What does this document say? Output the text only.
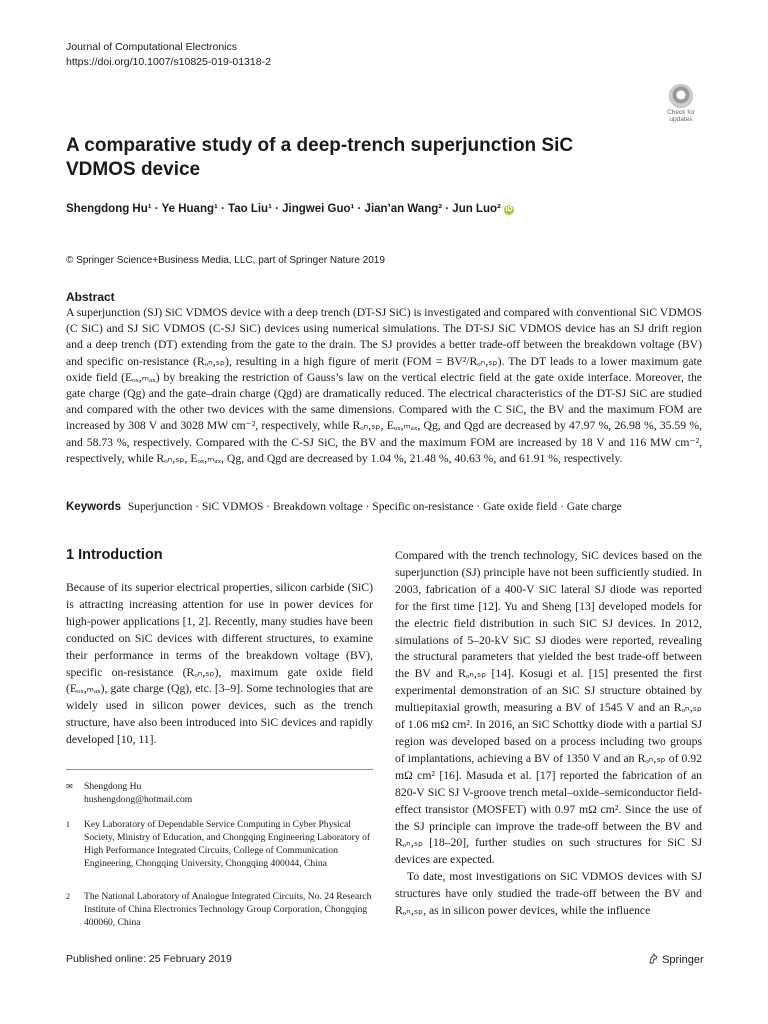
Journal of Computational Electronics
https://doi.org/10.1007/s10825-019-01318-2
Check for
updates
A comparative study of a deep-trench superjunction SiC VDMOS device
Shengdong Hu¹ · Ye Huang¹ · Tao Liu¹ · Jingwei Guo¹ · Jian’an Wang² · Jun Luo² iD
© Springer Science+Business Media, LLC, part of Springer Nature 2019
Abstract
A superjunction (SJ) SiC VDMOS device with a deep trench (DT-SJ SiC) is investigated and compared with conventional SiC VDMOS (C SiC) and SJ SiC VDMOS (C-SJ SiC) devices using numerical simulations. The DT-SJ SiC VDMOS device has an SJ drift region and a deep trench (DT) extending from the gate to the drain. The SJ provides a better trade-off between the breakdown voltage (BV) and specific on-resistance (Rₒₙ,ₛₚ), resulting in a high figure of merit (FOM = BV²/Rₒₙ,ₛₚ). The DT leads to a lower maximum gate oxide field (Eₒₓ,ₘₐₓ) by breaking the restriction of Gauss’s law on the vertical electric field at the gate oxide interface. Moreover, the gate charge (Qg) and the gate–drain charge (Qgd) are dramatically reduced. The electrical characteristics of the DT-SJ SiC are studied and compared with the other two devices with the same dimensions. Compared with the C SiC, the BV and the maximum FOM are increased by 308 V and 3028 MW cm⁻², respectively, while Rₒₙ,ₛₚ, Eₒₓ,ₘₐₓ, Qg, and Qgd are decreased by 47.97 %, 26.98 %, 35.59 %, and 58.73 %, respectively. Compared with the C-SJ SiC, the BV and the maximum FOM are increased by 18 V and 116 MW cm⁻², respectively, while Rₒₙ,ₛₚ, Eₒₓ,ₘₐₓ, Qg, and Qgd are decreased by 1.04 %, 21.48 %, 40.63 %, and 61.91 %, respectively.
Keywords Superjunction · SiC VDMOS · Breakdown voltage · Specific on-resistance · Gate oxide field · Gate charge
1 Introduction

Because of its superior electrical properties, silicon carbide (SiC) is attracting increasing attention for use in power devices for high-power applications [1, 2]. Recently, many studies have been conducted on SiC devices with different structures, to examine their performance in terms of the breakdown voltage (BV), specific on-resistance (Rₒₙ,ₛₚ), maximum gate oxide field (Eₒₓ,ₘₐₓ), gate charge (Qg), etc. [3–9]. Some technologies that are widely used in silicon power devices, such as the trench structure, have also been introduced into SiC devices and rapidly developed [10, 11].

Compared with the trench technology, SiC devices based on the superjunction (SJ) principle have not been sufficiently studied. In 2003, fabrication of a 400-V SiC lateral SJ diode was reported for the first time [12]. Yu and Sheng [13] developed models for the electric field distribution in such SiC SJ devices. In 2012, simulations of 5–20-kV SiC SJ diodes were reported, revealing the structural parameters that yielded the best trade-off between the BV and Rₒₙ,ₛₚ [14]. Kosugi et al. [15] presented the first experimental demonstration of an SiC SJ structure obtained by multiepitaxial growth, measuring a BV of 1545 V and an Rₒₙ,ₛₚ of 1.06 mΩ cm². In 2016, an SiC Schottky diode with a partial SJ region was developed based on a process including two groups of implantations, achieving a BV of 1350 V and an Rₒₙ,ₛₚ of 0.92 mΩ cm² [16]. Masuda et al. [17] reported the fabrication of an 820-V SiC SJ V-groove trench metal–oxide–semiconductor field-effect transistor (MOSFET) with 0.97 mΩ cm². Since the use of the SJ principle can improve the trade-off between the BV and Rₒₙ,ₛₚ [18–20], further studies on such structures for SiC SJ devices are expected.

To date, most investigations on SiC VDMOS devices with SJ structures have only studied the trade-off between the BV and Rₒₙ,ₛₚ, as in silicon power devices, while the influence

✉ Shengdong Hu
hushengdong@hotmail.com
1 Key Laboratory of Dependable Service Computing in Cyber Physical Society, Ministry of Education, and Chongqing Engineering Laboratory of High Performance Integrated Circuits, College of Communication Engineering, Chongqing University, Chongqing 400044, China
2 The National Laboratory of Analogue Integrated Circuits, No. 24 Research Institute of China Electronics Technology Group Corporation, Chongqing 400060, China
Published online: 25 February 2019	Springer
